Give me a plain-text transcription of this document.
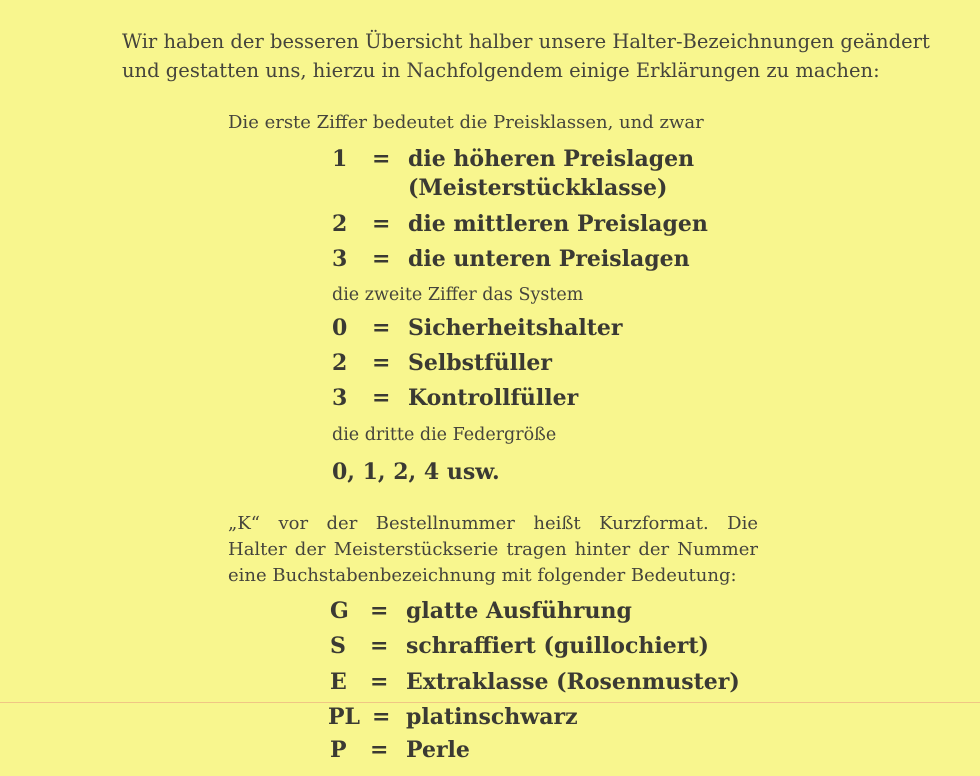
Wir haben der besseren Übersicht halber unsere Halter-Bezeichnungen geändert
und gestatten uns, hierzu in Nachfolgendem einige Erklärungen zu machen:
Die erste Ziffer bedeutet die Preisklassen, und zwar
1 = die höheren Preislagen
(Meisterstückklasse)
2 = die mittleren Preislagen
3 = die unteren Preislagen
die zweite Ziffer das System
0 = Sicherheitshalter
2 = Selbstfüller
3 = Kontrollfüller
die dritte die Federgröße
0, 1, 2, 4 usw.
„K“ vor der Bestellnummer heißt Kurzformat. Die
Halter der Meisterstückserie tragen hinter der Nummer
eine Buchstabenbezeichnung mit folgender Bedeutung:
G = glatte Ausführung
S = schraffiert (guillochiert)
E = Extraklasse (Rosenmuster)
PL = platinschwarz
P = Perle
